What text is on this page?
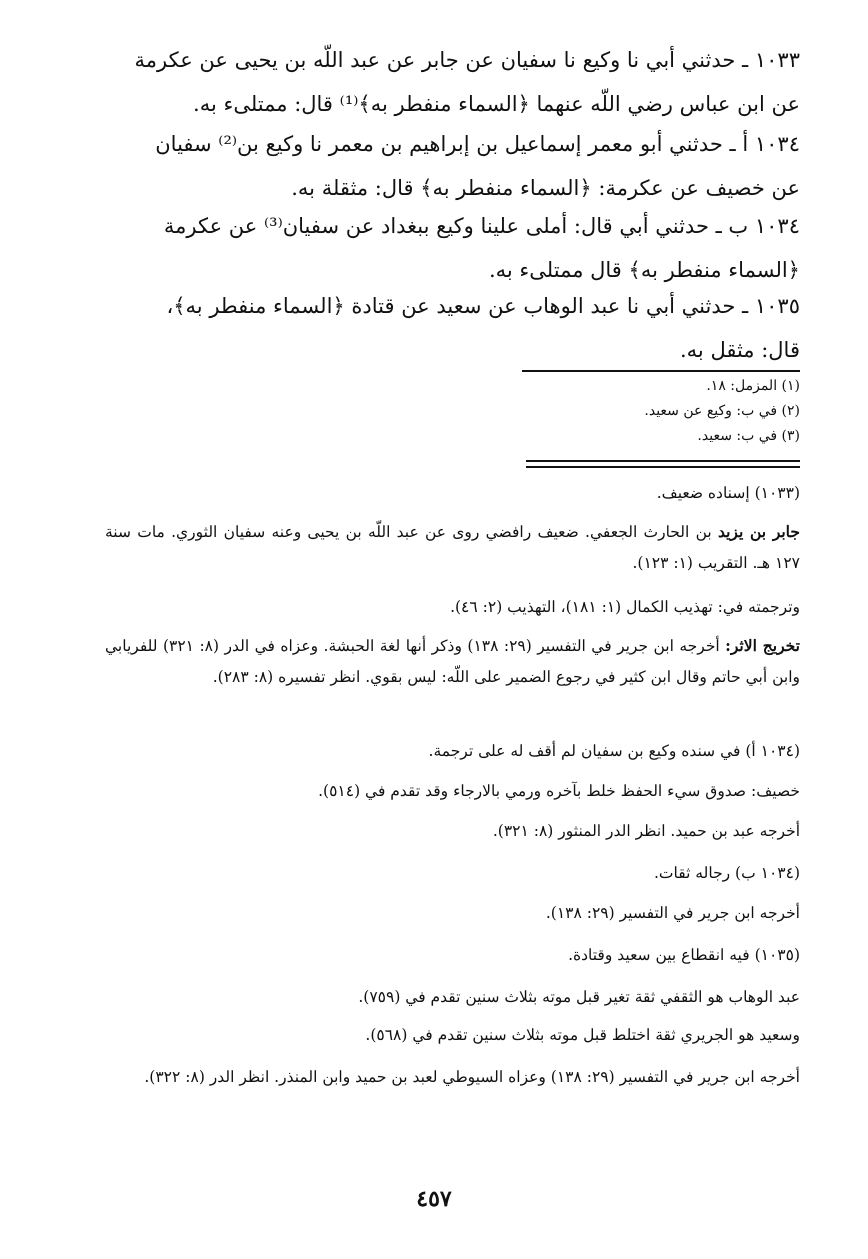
١٠٣٣ ـ حدثني أبي نا وكيع نا سفيان عن جابر عن عبد اللّه بن يحيى عن عكرمة
عن ابن عباس رضي اللّه عنهما ﴿السماء منفطر به﴾⁽¹⁾ قال: ممتلىء به.
١٠٣٤ أ ـ حدثني أبو معمر إسماعيل بن إبراهيم بن معمر نا وكيع بن⁽²⁾ سفيان
عن خصيف عن عكرمة: ﴿السماء منفطر به﴾ قال: مثقلة به.
١٠٣٤ ب ـ حدثني أبي قال: أملى علينا وكيع ببغداد عن سفيان⁽³⁾ عن عكرمة
﴿السماء منفطر به﴾ قال ممتلىء به.
١٠٣٥ ـ حدثني أبي نا عبد الوهاب عن سعيد عن قتادة ﴿السماء منفطر به﴾،
قال: مثقل به.
(١) المزمل: ١٨.
(٢) في ب: وكيع عن سعيد.
(٣) في ب: سعيد.
(١٠٣٣) إسناده ضعيف.
جابر بن يزيد بن الحارث الجعفي. ضعيف رافضي روى عن عبد اللّه بن يحيى وعنه سفيان الثوري. مات سنة ١٢٧ هـ. التقريب (١: ١٢٣).
وترجمته في: تهذيب الكمال (١: ١٨١)، التهذيب (٢: ٤٦).
تخريج الاثر: أخرجه ابن جرير في التفسير (٢٩: ١٣٨) وذكر أنها لغة الحبشة. وعزاه في الدر (٨: ٣٢١) للفريابي وابن أبي حاتم وقال ابن كثير في رجوع الضمير على اللّه: ليس بقوي. انظر تفسيره (٨: ٢٨٣).
(١٠٣٤ أ) في سنده وكيع بن سفيان لم أقف له على ترجمة.
خصيف: صدوق سيء الحفظ خلط بآخره ورمي بالارجاء وقد تقدم في (٥١٤).
أخرجه عبد بن حميد. انظر الدر المنثور (٨: ٣٢١).
(١٠٣٤ ب) رجاله ثقات.
أخرجه ابن جرير في التفسير (٢٩: ١٣٨).
(١٠٣٥) فيه انقطاع بين سعيد وقتادة.
عبد الوهاب هو الثقفي ثقة تغير قبل موته بثلاث سنين تقدم في (٧٥٩).
وسعيد هو الجريري ثقة اختلط قبل موته بثلاث سنين تقدم في (٥٦٨).
أخرجه ابن جرير في التفسير (٢٩: ١٣٨) وعزاه السيوطي لعبد بن حميد وابن المنذر. انظر الدر (٨: ٣٢٢).
٤٥٧
